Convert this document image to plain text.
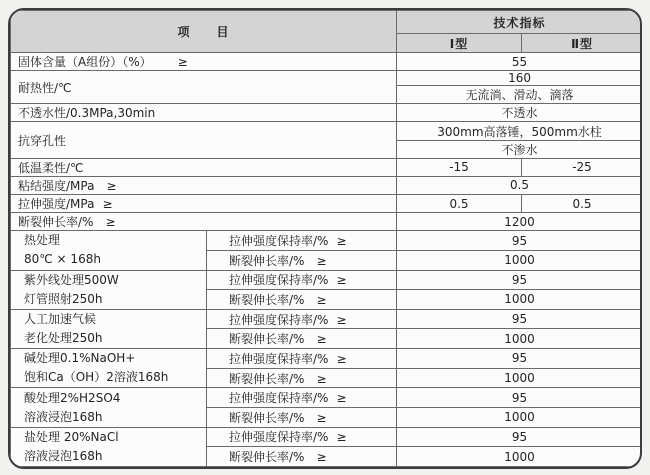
项　　目		技术指标	
		Ⅰ型	Ⅱ型
固体含量（A组份）（%） ≥		55	
耐热性/℃		160	
		无流淌、滑动、滴落	
不透水性/0.3MPa,30min		不透水	
抗穿孔性		300mm高落锤，500mm水柱	
		不渗水	
低温柔性/℃		-15	-25
粘结强度/MPa ≥		0.5	
拉伸强度/MPa ≥		0.5	0.5
断裂伸长率/% ≥		1200	

热处理
80℃ × 168h	拉伸强度保持率/% ≥	95	
	断裂伸长率/% ≥	1000	

紫外线处理500W
灯管照射250h	拉伸强度保持率/% ≥	95	
	断裂伸长率/% ≥	1000	

人工加速气候
老化处理250h	拉伸强度保持率/% ≥	95	
	断裂伸长率/% ≥	1000	

碱处理0.1%NaOH+
饱和Ca（OH）2溶液168h	拉伸强度保持率/% ≥	95	
	断裂伸长率/% ≥	1000	

酸处理2%H2SO4
溶液浸泡168h	拉伸强度保持率/% ≥	95	
	断裂伸长率/% ≥	1000	

盐处理 20%NaCl
溶液浸泡168h	拉伸强度保持率/% ≥	95	
	断裂伸长率/% ≥	1000	
